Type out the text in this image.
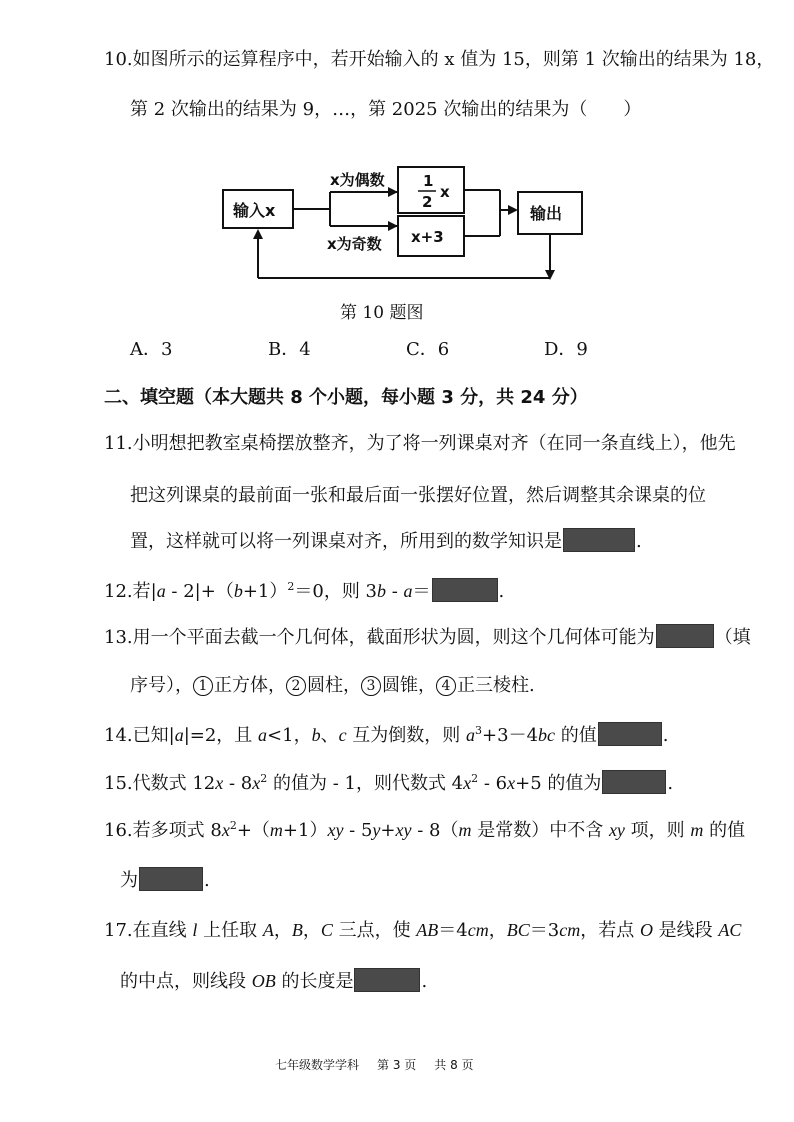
10.如图所示的运算程序中，若开始输入的 x 值为 15，则第 1 次输出的结果为 18，
第 2 次输出的结果为 9，…，第 2025 次输出的结果为（　　）
输入x
x为偶数
x为奇数
1
2
x
x+3
输出
第 10 题图
A．3	B．4	C．6	D．9
二、填空题（本大题共 8 个小题，每小题 3 分，共 24 分）
11.小明想把教室桌椅摆放整齐，为了将一列课桌对齐（在同一条直线上），他先
把这列课桌的最前面一张和最后面一张摆好位置，然后调整其余课桌的位
置，这样就可以将一列课桌对齐，所用到的数学知识是	.
12.若$|a - 2|+(b+1)^2=0$，则 3b - a＝	.
13.用一个平面去截一个几何体，截面形状为圆，则这个几何体可能为	（填
序号）， 1 正方体， 2 圆柱， 3 圆锥， 4 正三棱柱.
14.已知|a|=2，且 a<1，b、c 互为倒数，则 $a^3+3-4bc$ 的值	.
15.代数式 $12x - 8x^2$ 的值为 - 1，则代数式 $4x^2 - 6x+5$ 的值为	.
16.若多项式 $8x^2+(m+1)xy - 5y+xy - 8(m$ 是常数）中不含 xy 项，则 m 的值
为	.
17.在直线 l 上任取 A，B，C 三点，使 AB＝4cm，BC＝3cm，若点 O 是线段 AC
的中点，则线段 OB 的长度是	.
七年级数学学科 第 3 页 共 8 页
